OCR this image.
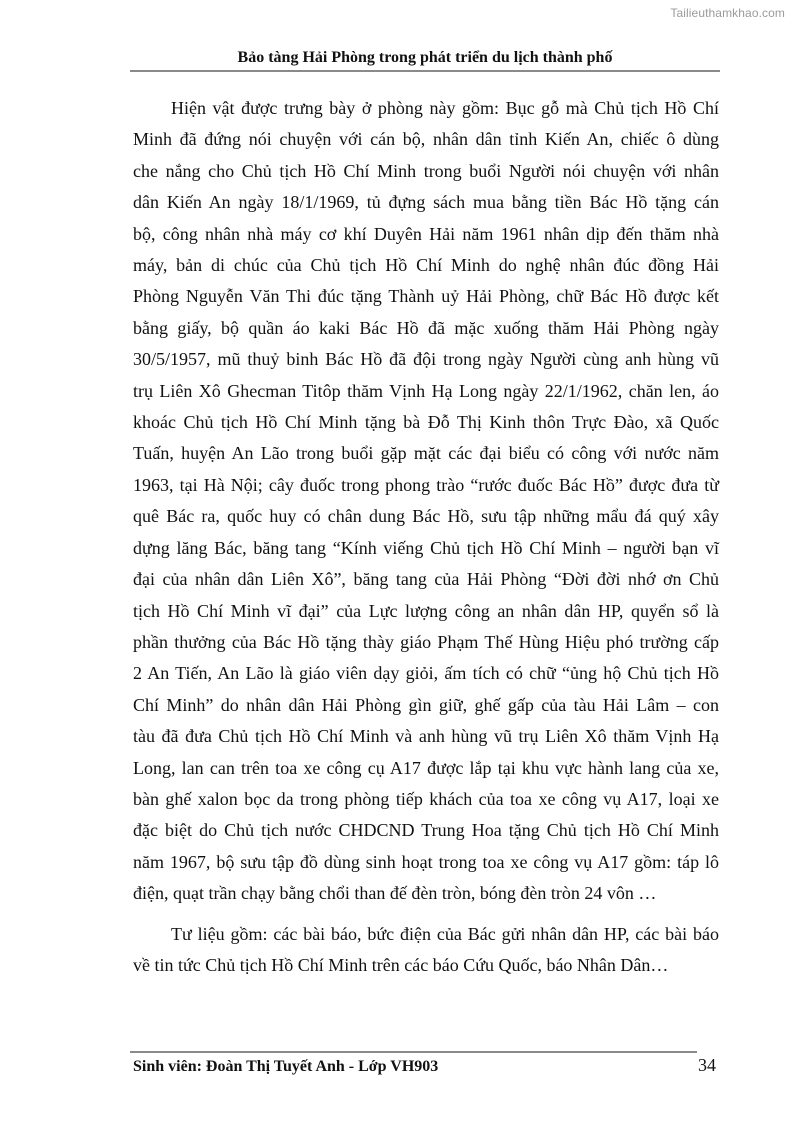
Tailieuthamkhao.com
Bảo tàng Hải Phòng trong phát triển du lịch thành phố

Hiện vật được trưng bày ở phòng này gồm: Bục gỗ mà Chủ tịch Hồ Chí
Minh đã đứng nói chuyện với cán bộ, nhân dân tỉnh Kiến An, chiếc ô dùng
che nắng cho Chủ tịch Hồ Chí Minh trong buổi Người nói chuyện với nhân
dân Kiến An ngày 18/1/1969, tủ đựng sách mua bằng tiền Bác Hồ tặng cán
bộ, công nhân nhà máy cơ khí Duyên Hải năm 1961 nhân dịp đến thăm nhà
máy, bản di chúc của Chủ tịch Hồ Chí Minh do nghệ nhân đúc đồng Hải
Phòng Nguyễn Văn Thi đúc tặng Thành uỷ Hải Phòng, chữ Bác Hồ được kết
bằng giấy, bộ quần áo kaki Bác Hồ đã mặc xuống thăm Hải Phòng ngày
30/5/1957, mũ thuỷ binh Bác Hồ đã đội trong ngày Người cùng anh hùng vũ
trụ Liên Xô Ghecman Titôp thăm Vịnh Hạ Long ngày 22/1/1962, chăn len, áo
khoác Chủ tịch Hồ Chí Minh tặng bà Đỗ Thị Kinh thôn Trực Đào, xã Quốc
Tuấn, huyện An Lão trong buổi gặp mặt các đại biểu có công với nước năm
1963, tại Hà Nội; cây đuốc trong phong trào “rước đuốc Bác Hồ” được đưa từ
quê Bác ra, quốc huy có chân dung Bác Hồ, sưu tập những mẩu đá quý xây
dựng lăng Bác, băng tang “Kính viếng Chủ tịch Hồ Chí Minh – người bạn vĩ
đại của nhân dân Liên Xô”, băng tang của Hải Phòng “Đời đời nhớ ơn Chủ
tịch Hồ Chí Minh vĩ đại” của Lực lượng công an nhân dân HP, quyển sổ là
phần thưởng của Bác Hồ tặng thày giáo Phạm Thế Hùng Hiệu phó trường cấp
2 An Tiến, An Lão là giáo viên dạy giỏi, ấm tích có chữ “ủng hộ Chủ tịch Hồ
Chí Minh” do nhân dân Hải Phòng gìn giữ, ghế gấp của tàu Hải Lâm – con
tàu đã đưa Chủ tịch Hồ Chí Minh và anh hùng vũ trụ Liên Xô thăm Vịnh Hạ
Long, lan can trên toa xe công cụ A17 được lắp tại khu vực hành lang của xe,
bàn ghế xalon bọc da trong phòng tiếp khách của toa xe công vụ A17, loại xe
đặc biệt do Chủ tịch nước CHDCND Trung Hoa tặng Chủ tịch Hồ Chí Minh
năm 1967, bộ sưu tập đồ dùng sinh hoạt trong toa xe công vụ A17 gồm: táp lô
điện, quạt trần chạy bằng chổi than đế đèn tròn, bóng đèn tròn 24 vôn …

Tư liệu gồm: các bài báo, bức điện của Bác gửi nhân dân HP, các bài báo
về tin tức Chủ tịch Hồ Chí Minh trên các báo Cứu Quốc, báo Nhân Dân…

Sinh viên: Đoàn Thị Tuyết Anh - Lớp VH903	34
